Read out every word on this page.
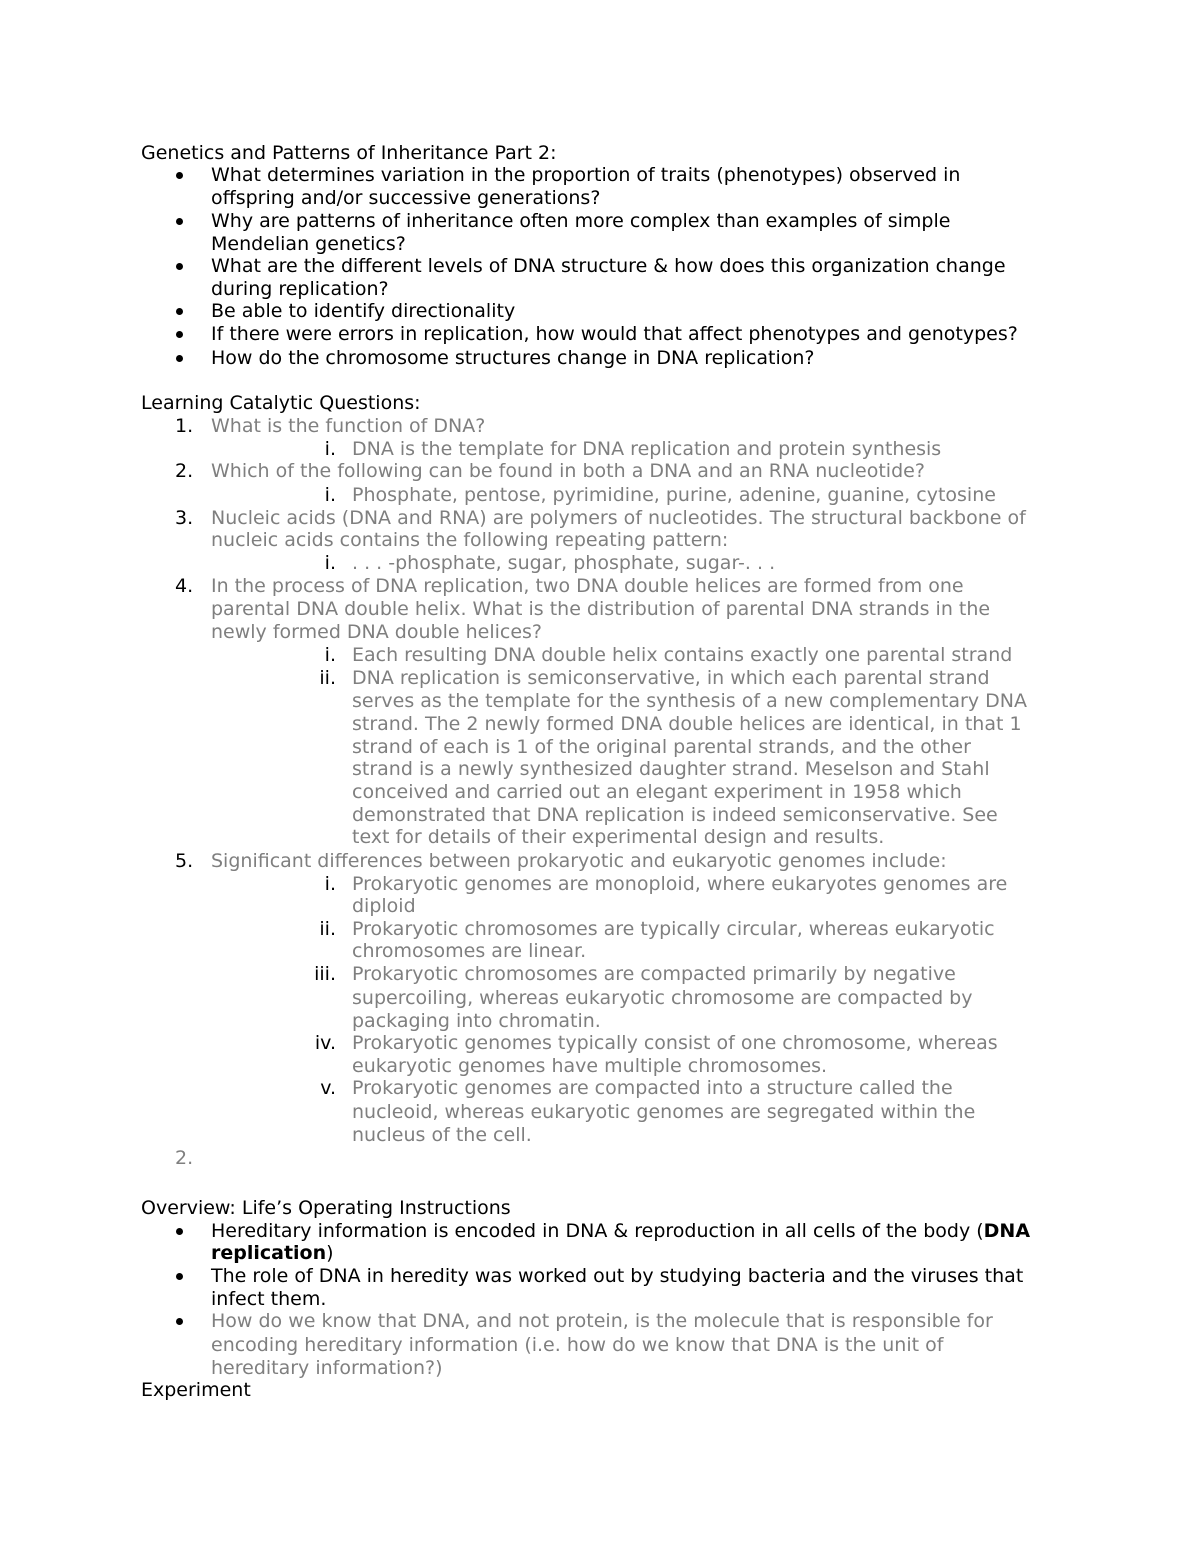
Genetics and Patterns of Inheritance Part 2:
What determines variation in the proportion of traits (phenotypes) observed in
offspring and/or successive generations?
Why are patterns of inheritance often more complex than examples of simple
Mendelian genetics?
What are the different levels of DNA structure & how does this organization change
during replication?
Be able to identify directionality
If there were errors in replication, how would that affect phenotypes and genotypes?
How do the chromosome structures change in DNA replication?
Learning Catalytic Questions:
1. What is the function of DNA?
i. DNA is the template for DNA replication and protein synthesis
2. Which of the following can be found in both a DNA and an RNA nucleotide?
i. Phosphate, pentose, pyrimidine, purine, adenine, guanine, cytosine
3. Nucleic acids (DNA and RNA) are polymers of nucleotides. The structural backbone of
nucleic acids contains the following repeating pattern:
i. . . . -phosphate, sugar, phosphate, sugar-. . .
4. In the process of DNA replication, two DNA double helices are formed from one
parental DNA double helix. What is the distribution of parental DNA strands in the
newly formed DNA double helices?
i. Each resulting DNA double helix contains exactly one parental strand
ii. DNA replication is semiconservative, in which each parental strand
serves as the template for the synthesis of a new complementary DNA
strand. The 2 newly formed DNA double helices are identical, in that 1
strand of each is 1 of the original parental strands, and the other
strand is a newly synthesized daughter strand. Meselson and Stahl
conceived and carried out an elegant experiment in 1958 which
demonstrated that DNA replication is indeed semiconservative. See
text for details of their experimental design and results.
5. Significant differences between prokaryotic and eukaryotic genomes include:
i. Prokaryotic genomes are monoploid, where eukaryotes genomes are
diploid
ii. Prokaryotic chromosomes are typically circular, whereas eukaryotic
chromosomes are linear.
iii. Prokaryotic chromosomes are compacted primarily by negative
supercoiling, whereas eukaryotic chromosome are compacted by
packaging into chromatin.
iv. Prokaryotic genomes typically consist of one chromosome, whereas
eukaryotic genomes have multiple chromosomes.
v. Prokaryotic genomes are compacted into a structure called the
nucleoid, whereas eukaryotic genomes are segregated within the
nucleus of the cell.
2.
Overview: Life’s Operating Instructions
Hereditary information is encoded in DNA & reproduction in all cells of the body (DNA
replication)
The role of DNA in heredity was worked out by studying bacteria and the viruses that
infect them.
How do we know that DNA, and not protein, is the molecule that is responsible for
encoding hereditary information (i.e. how do we know that DNA is the unit of
hereditary information?)
Experiment
